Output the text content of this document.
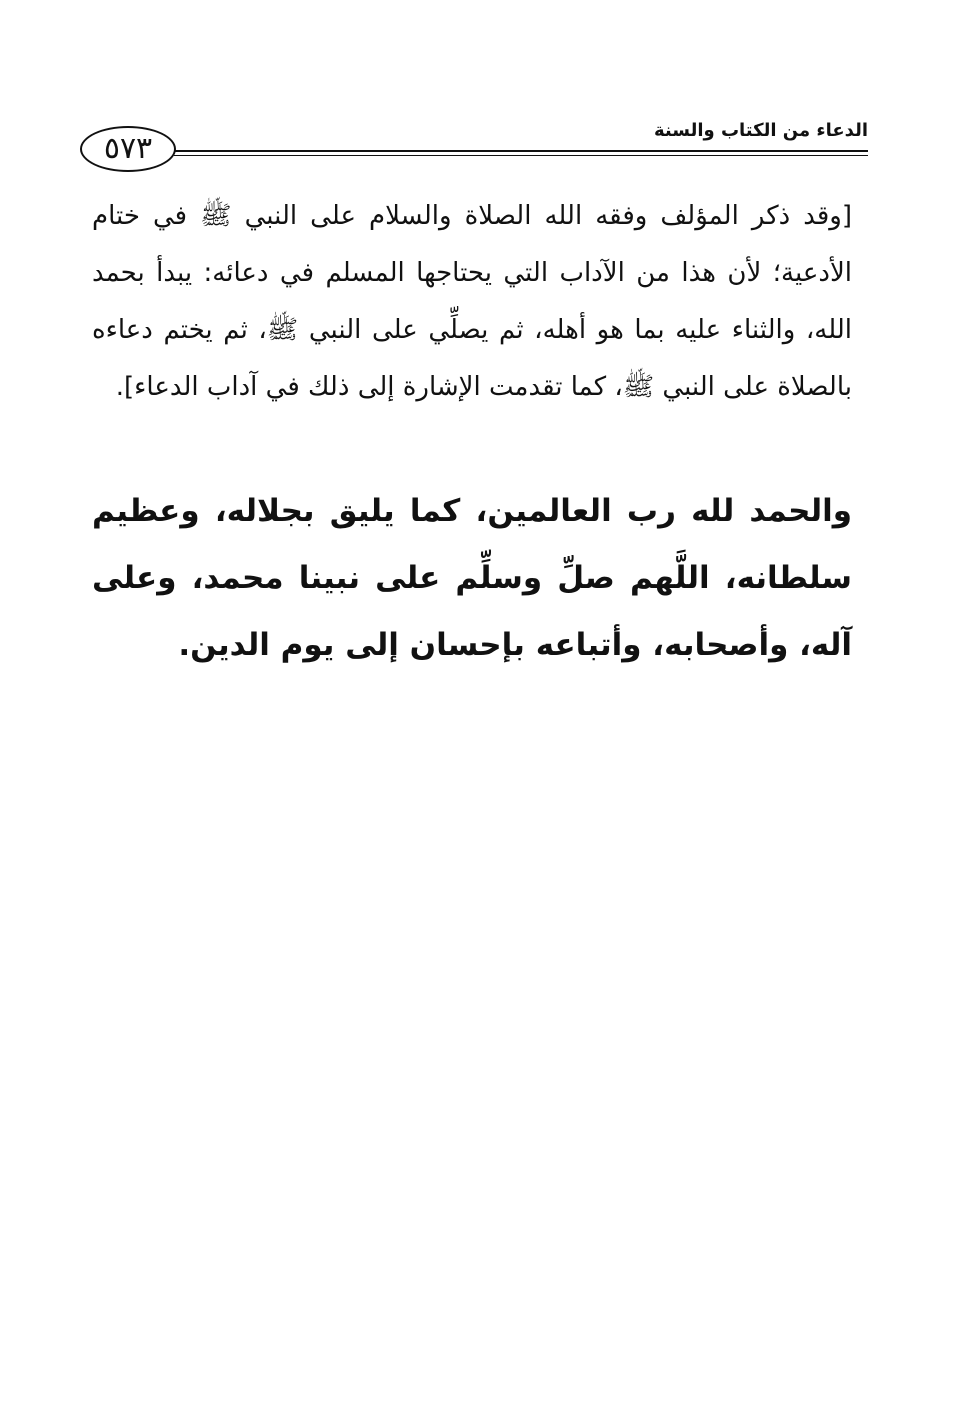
٥٧٣
الدعاء من الكتاب والسنة

[وقد ذكر المؤلف وفقه الله الصلاة والسلام على النبي ﷺ في ختام الأدعية؛ لأن هذا من الآداب التي يحتاجها المسلم في دعائه: يبدأ بحمد الله، والثناء عليه بما هو أهله، ثم يصلِّي على النبي ﷺ، ثم يختم دعاءه بالصلاة على النبي ﷺ، كما تقدمت الإشارة إلى ذلك في آداب الدعاء].

والحمد لله رب العالمين، كما يليق بجلاله، وعظيم سلطانه، اللَّهم صلِّ وسلِّم على نبينا محمد، وعلى آله، وأصحابه، وأتباعه بإحسان إلى يوم الدين.
